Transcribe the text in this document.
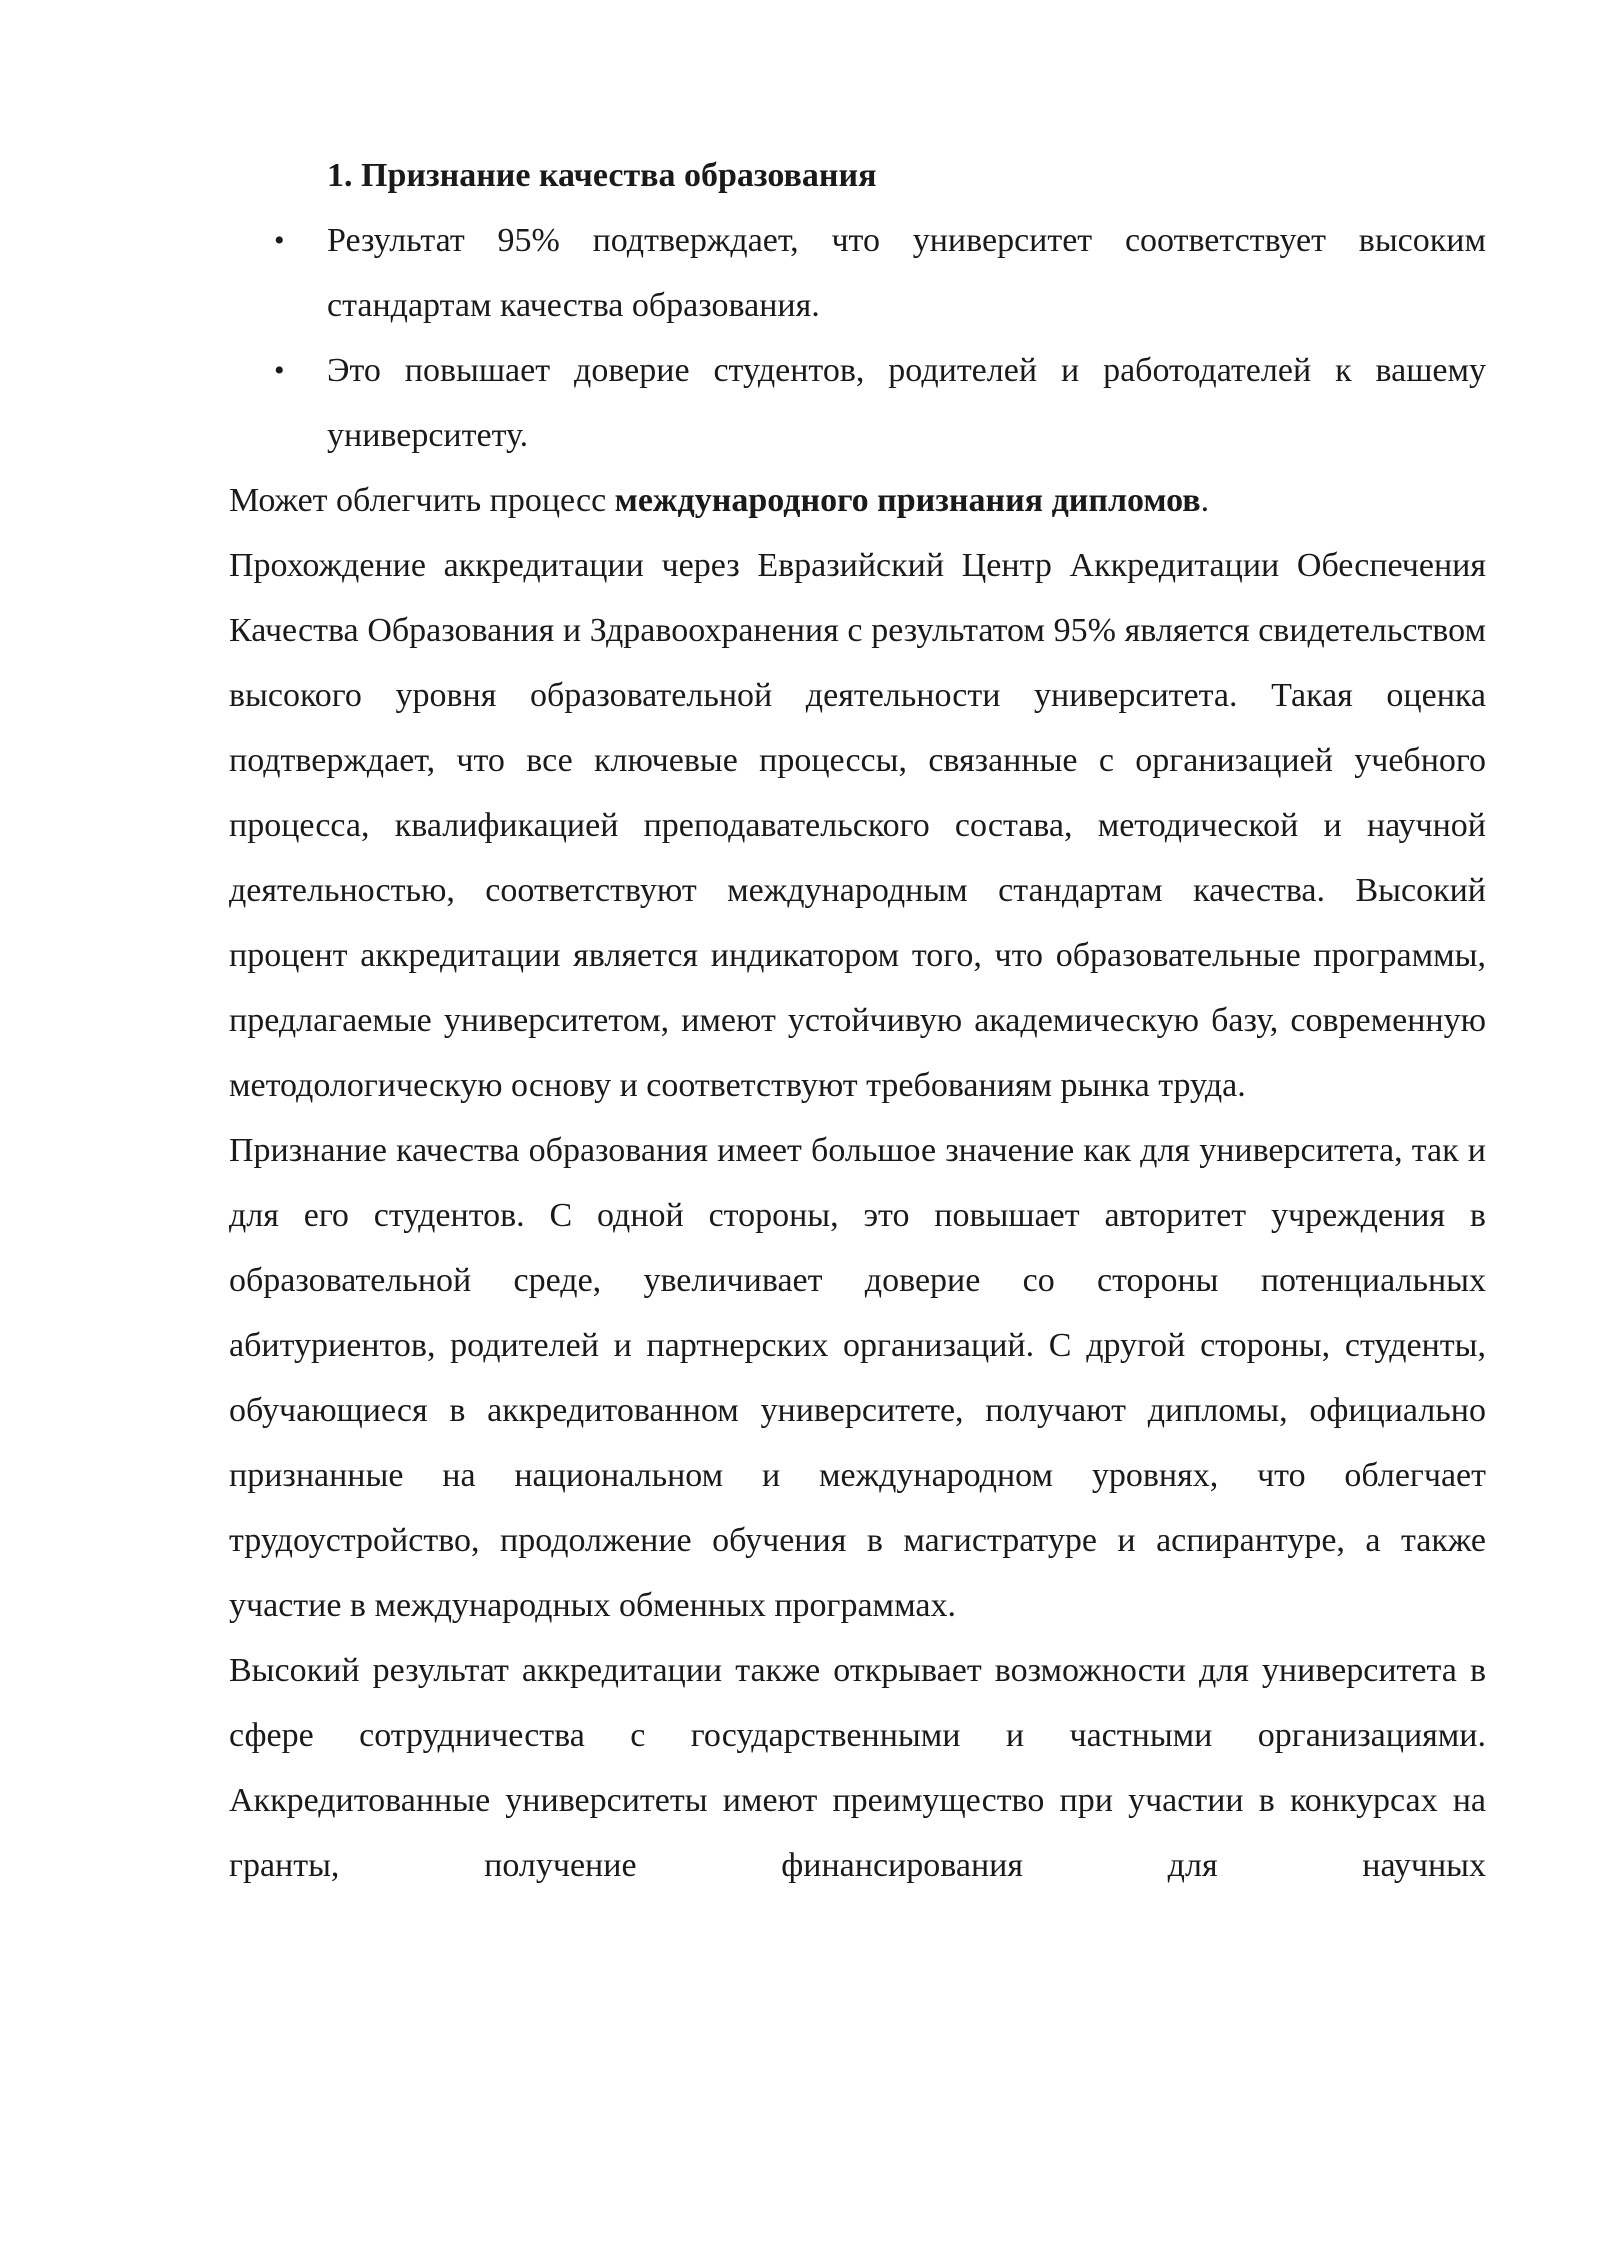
1. Признание качества образования

• Результат 95% подтверждает, что университет соответствует высоким стандартам качества образования.
• Это повышает доверие студентов, родителей и работодателей к вашему университету.

Может облегчить процесс международного признания дипломов.

Прохождение аккредитации через Евразийский Центр Аккредитации Обеспечения Качества Образования и Здравоохранения с результатом 95% является свидетельством высокого уровня образовательной деятельности университета. Такая оценка подтверждает, что все ключевые процессы, связанные с организацией учебного процесса, квалификацией преподавательского состава, методической и научной деятельностью, соответствуют международным стандартам качества. Высокий процент аккредитации является индикатором того, что образовательные программы, предлагаемые университетом, имеют устойчивую академическую базу, современную методологическую основу и соответствуют требованиям рынка труда.

Признание качества образования имеет большое значение как для университета, так и для его студентов. С одной стороны, это повышает авторитет учреждения в образовательной среде, увеличивает доверие со стороны потенциальных абитуриентов, родителей и партнерских организаций. С другой стороны, студенты, обучающиеся в аккредитованном университете, получают дипломы, официально признанные на национальном и международном уровнях, что облегчает трудоустройство, продолжение обучения в магистратуре и аспирантуре, а также участие в международных обменных программах.

Высокий результат аккредитации также открывает возможности для университета в сфере сотрудничества с государственными и частными организациями. Аккредитованные университеты имеют преимущество при участии в конкурсах на гранты, получение финансирования для научных
